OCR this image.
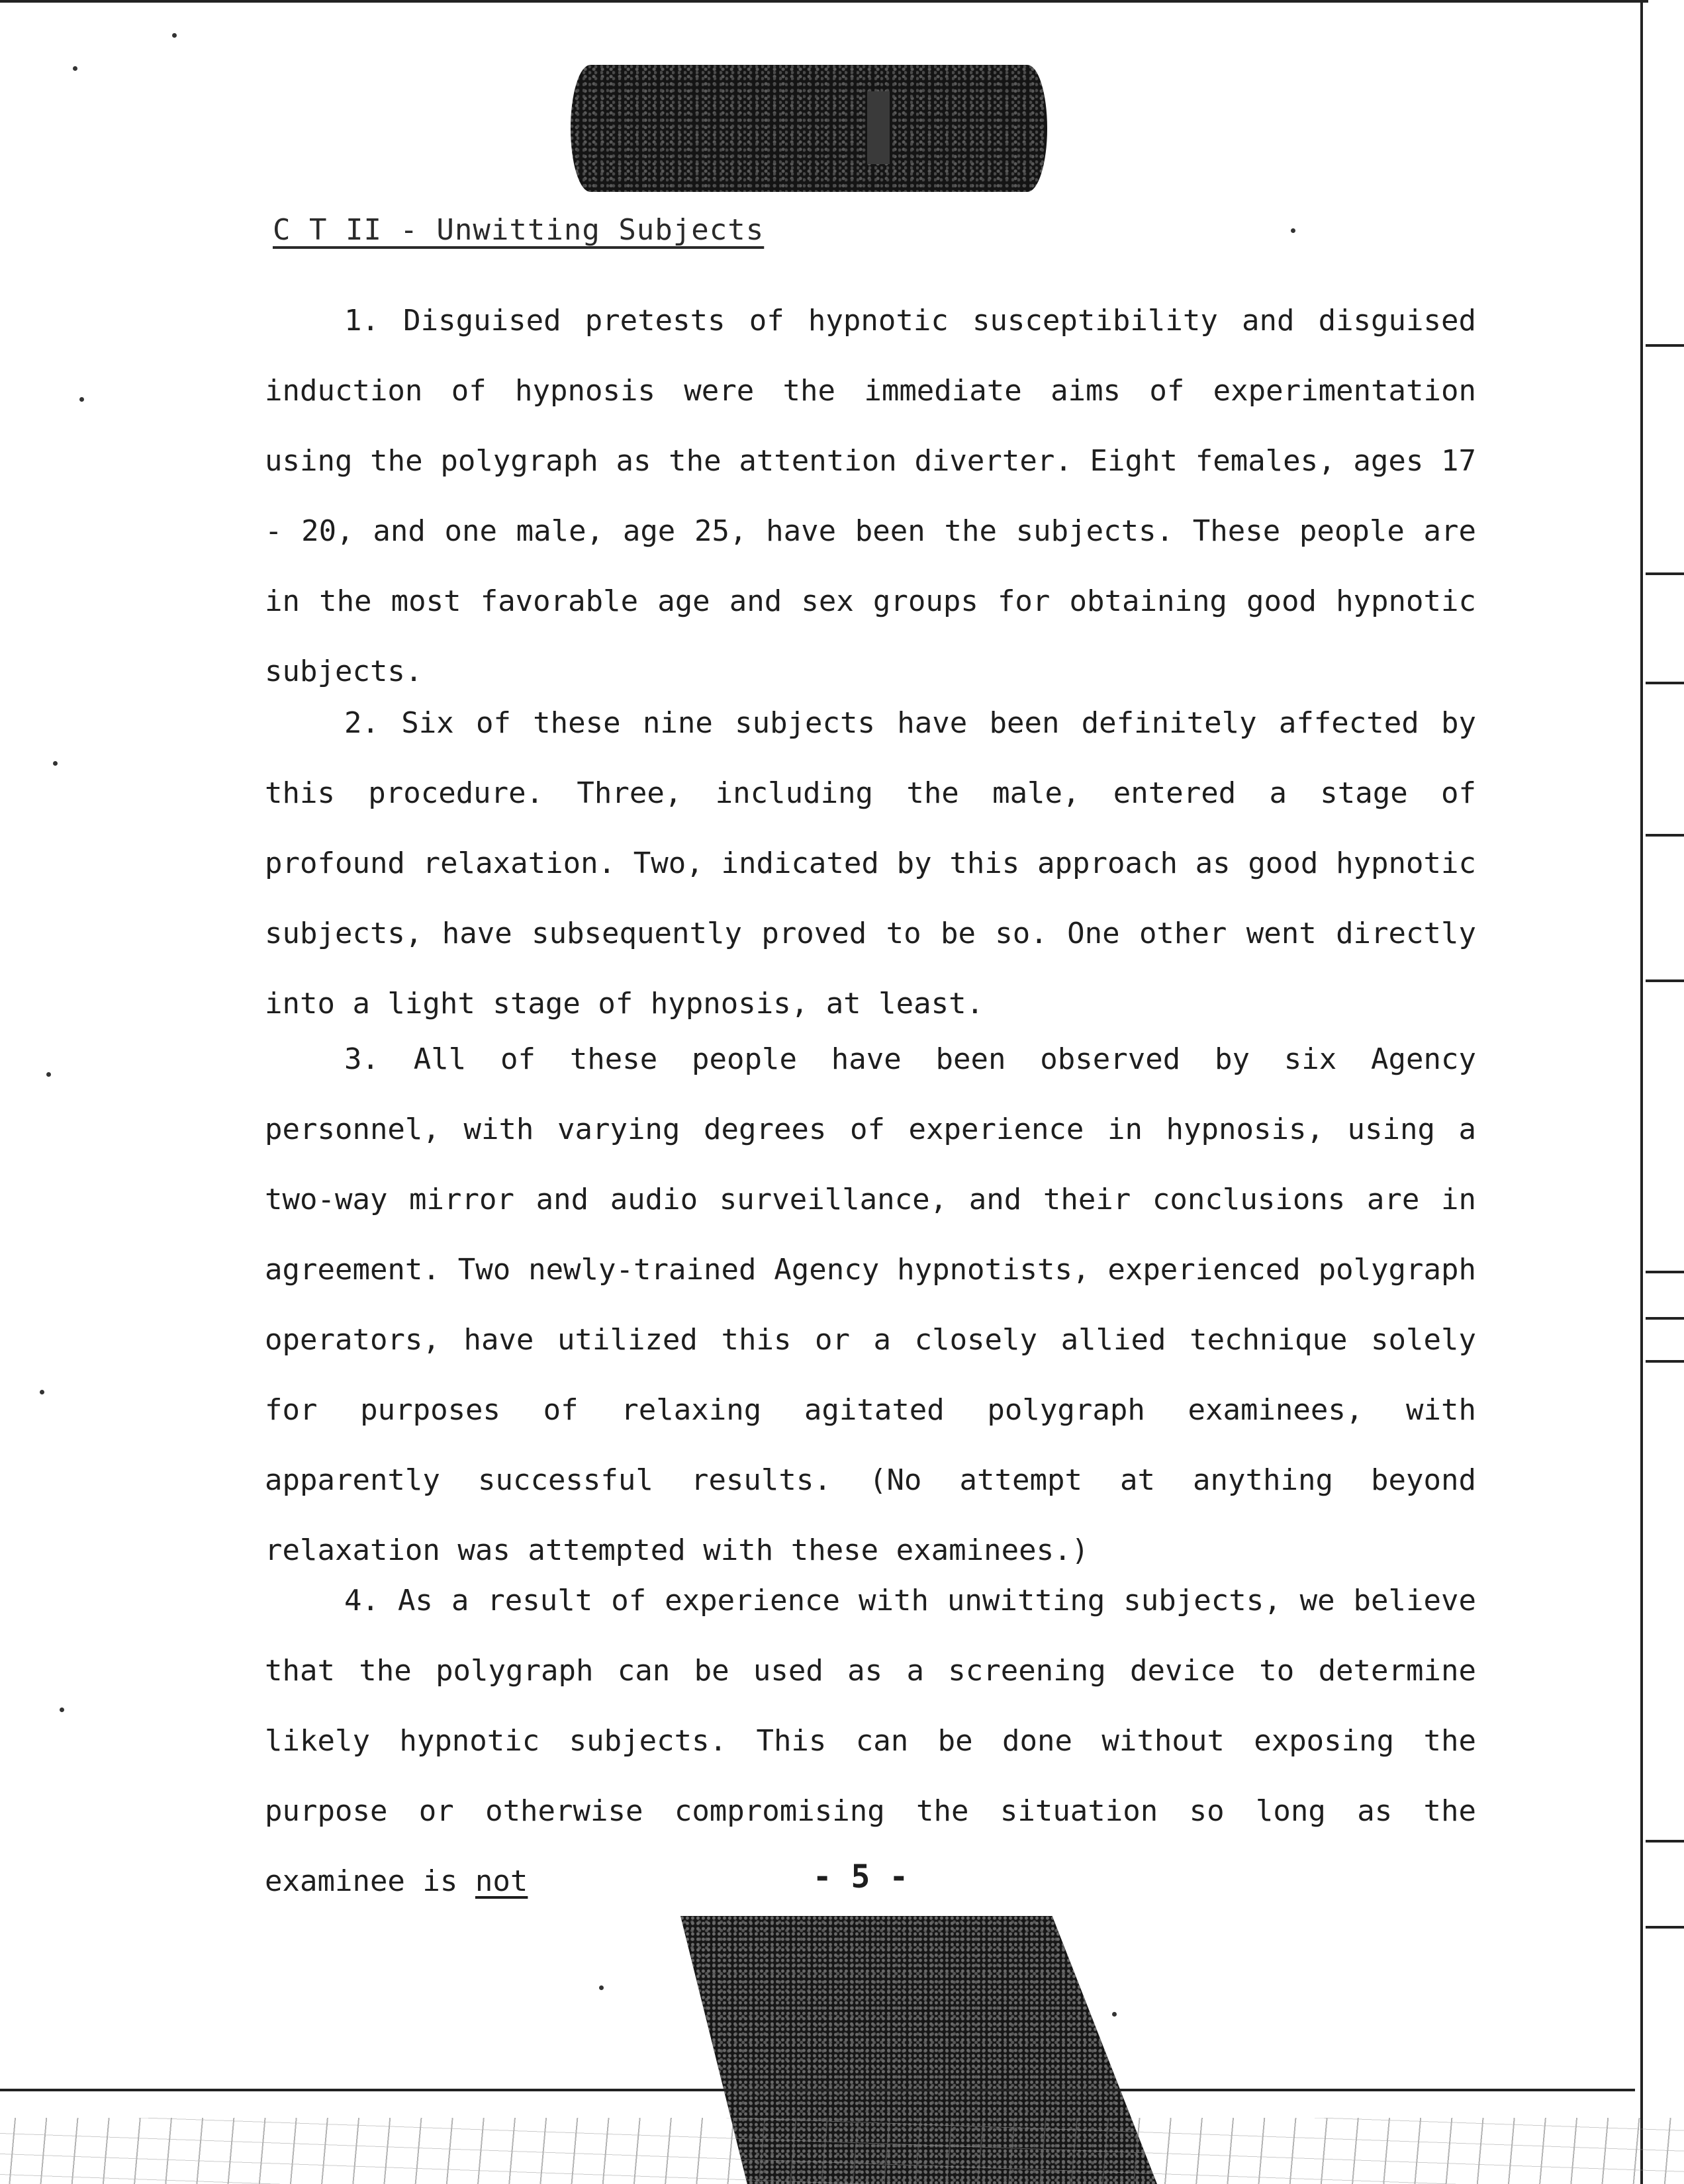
C T II - Unwitting Subjects

1. Disguised pretests of hypnotic susceptibility and disguised induction of hypnosis were the immediate aims of experimentation using the polygraph as the attention diverter. Eight females, ages 17 - 20, and one male, age 25, have been the subjects. These people are in the most favorable age and sex groups for obtaining good hypnotic subjects.

2. Six of these nine subjects have been definitely affected by this procedure. Three, including the male, entered a stage of profound relaxation. Two, indicated by this approach as good hypnotic subjects, have subsequently proved to be so. One other went directly into a light stage of hypnosis, at least.

3. All of these people have been observed by six Agency personnel, with varying degrees of experience in hypnosis, using a two-way mirror and audio surveillance, and their conclusions are in agreement. Two newly-trained Agency hypnotists, experienced polygraph operators, have utilized this or a closely allied technique solely for purposes of relaxing agitated polygraph examinees, with apparently successful results. (No attempt at anything beyond relaxation was attempted with these examinees.)

4. As a result of experience with unwitting subjects, we believe that the polygraph can be used as a screening device to determine likely hypnotic subjects. This can be done without exposing the purpose or otherwise compromising the situation so long as the examinee is not	- 5 -
